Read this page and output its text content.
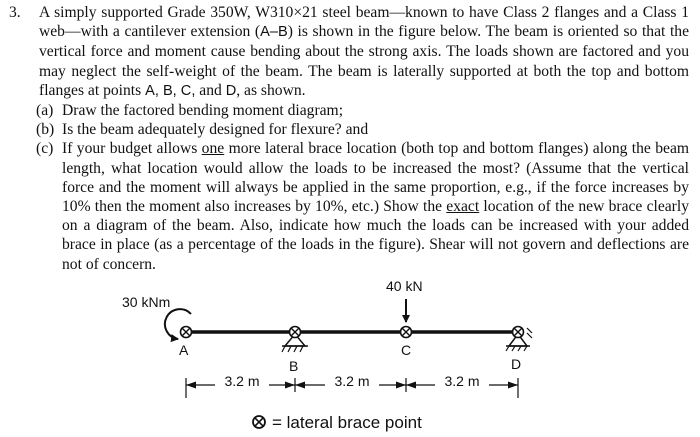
3.	A simply supported Grade 350W, W310×21 steel beam—known to have Class 2 flanges and a Class 1 web—with a cantilever extension (A–B) is shown in the figure below. The beam is oriented so that the vertical force and moment cause bending about the strong axis. The loads shown are factored and you may neglect the self-weight of the beam. The beam is laterally supported at both the top and bottom flanges at points A, B, C, and D, as shown.
(a) Draw the factored bending moment diagram;
(b) Is the beam adequately designed for flexure? and
(c) If your budget allows one more lateral brace location (both top and bottom flanges) along the beam length, what location would allow the loads to be increased the most? (Assume that the vertical force and the moment will always be applied in the same proportion, e.g., if the force increases by 10% then the moment also increases by 10%, etc.) Show the exact location of the new brace clearly on a diagram of the beam. Also, indicate how much the loads can be increased with your added brace in place (as a percentage of the loads in the figure). Shear will not govern and deflections are not of concern.
30 kNm
40 kN
A
B
C
D
3.2 m	3.2 m	3.2 m
= lateral brace point
